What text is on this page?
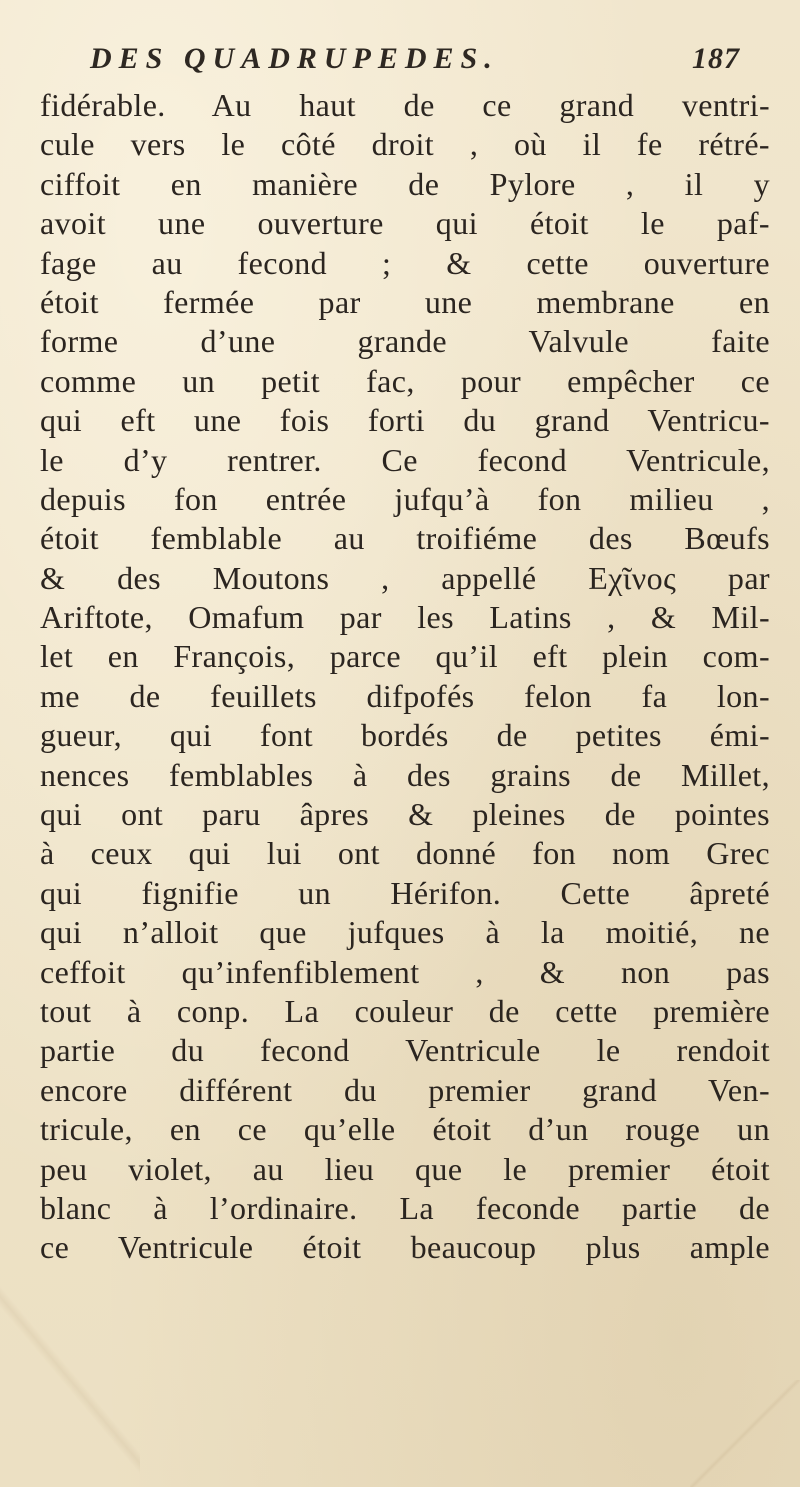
DES QUADRUPEDES.	187
fidérable. Au haut de ce grand ventri-
cule vers le côté droit , où il fe rétré-
ciffoit en manière de Pylore , il y
avoit une ouverture qui étoit le paf-
fage au fecond ; & cette ouverture
étoit fermée par une membrane en
forme d’une grande Valvule faite
comme un petit fac, pour empêcher ce
qui eft une fois forti du grand Ventricu-
le d’y rentrer. Ce fecond Ventricule,
depuis fon entrée jufqu’à fon milieu ,
étoit femblable au troifiéme des Bœufs
& des Moutons , appellé Εχῖνος par
Ariftote, Omafum par les Latins , & Mil-
let en François, parce qu’il eft plein com-
me de feuillets difpofés felon fa lon-
gueur, qui font bordés de petites émi-
nences femblables à des grains de Millet,
qui ont paru âpres & pleines de pointes
à ceux qui lui ont donné fon nom Grec
qui fignifie un Hérifon. Cette âpreté
qui n’alloit que jufques à la moitié, ne
ceffoit qu’infenfiblement , & non pas
tout à conp. La couleur de cette première
partie du fecond Ventricule le rendoit
encore différent du premier grand Ven-
tricule, en ce qu’elle étoit d’un rouge un
peu violet, au lieu que le premier étoit
blanc à l’ordinaire. La feconde partie de
ce Ventricule étoit beaucoup plus ample
